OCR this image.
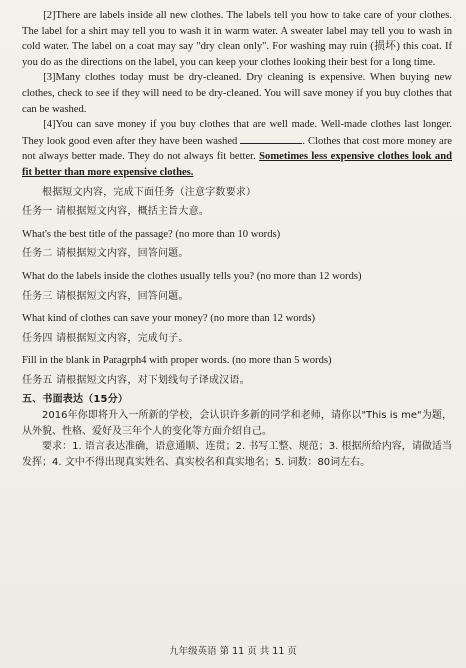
[2]There are labels inside all new clothes. The labels tell you how to take care of your clothes. The label for a shirt may tell you to wash it in warm water. A sweater label may tell you to wash in cold water. The label on a coat may say "dry clean only". For washing may ruin (损坏) this coat. If you do as the directions on the label, you can keep your clothes looking their best for a long time.

[3]Many clothes today must be dry-cleaned. Dry cleaning is expensive. When buying new clothes, check to see if they will need to be dry-cleaned. You will save money if you buy clothes that can be washed.

[4]You can save money if you buy clothes that are well made. Well-made clothes last longer. They look good even after they have been washed	. Clothes that cost more money are not always better made. They do not always fit better. Sometimes less expensive clothes look and fit better than more expensive clothes.

根据短文内容，完成下面任务（注意字数要求）

任务一 请根据短文内容，概括主旨大意。

What's the best title of the passage? (no more than 10 words)

任务二 请根据短文内容，回答问题。

What do the labels inside the clothes usually tells you? (no more than 12 words)

任务三 请根据短文内容，回答问题。

What kind of clothes can save your money? (no more than 12 words)

任务四 请根据短文内容，完成句子。

Fill in the blank in Paragrph4 with proper words. (no more than 5 words)

任务五 请根据短文内容，对下划线句子译成汉语。

五、书面表达（15分）

2016年你即将升入一所新的学校，会认识许多新的同学和老师，请你以"This is me"为题，从外貌、性格、爱好及三年个人的变化等方面介绍自己。

要求：1. 语言表达准确，语意通顺、连贯；2. 书写工整、规范；3. 根据所给内容，请做适当发挥；4. 文中不得出现真实姓名、真实校名和真实地名；5. 词数：80词左右。

九年级英语 第 11 页 共 11 页
